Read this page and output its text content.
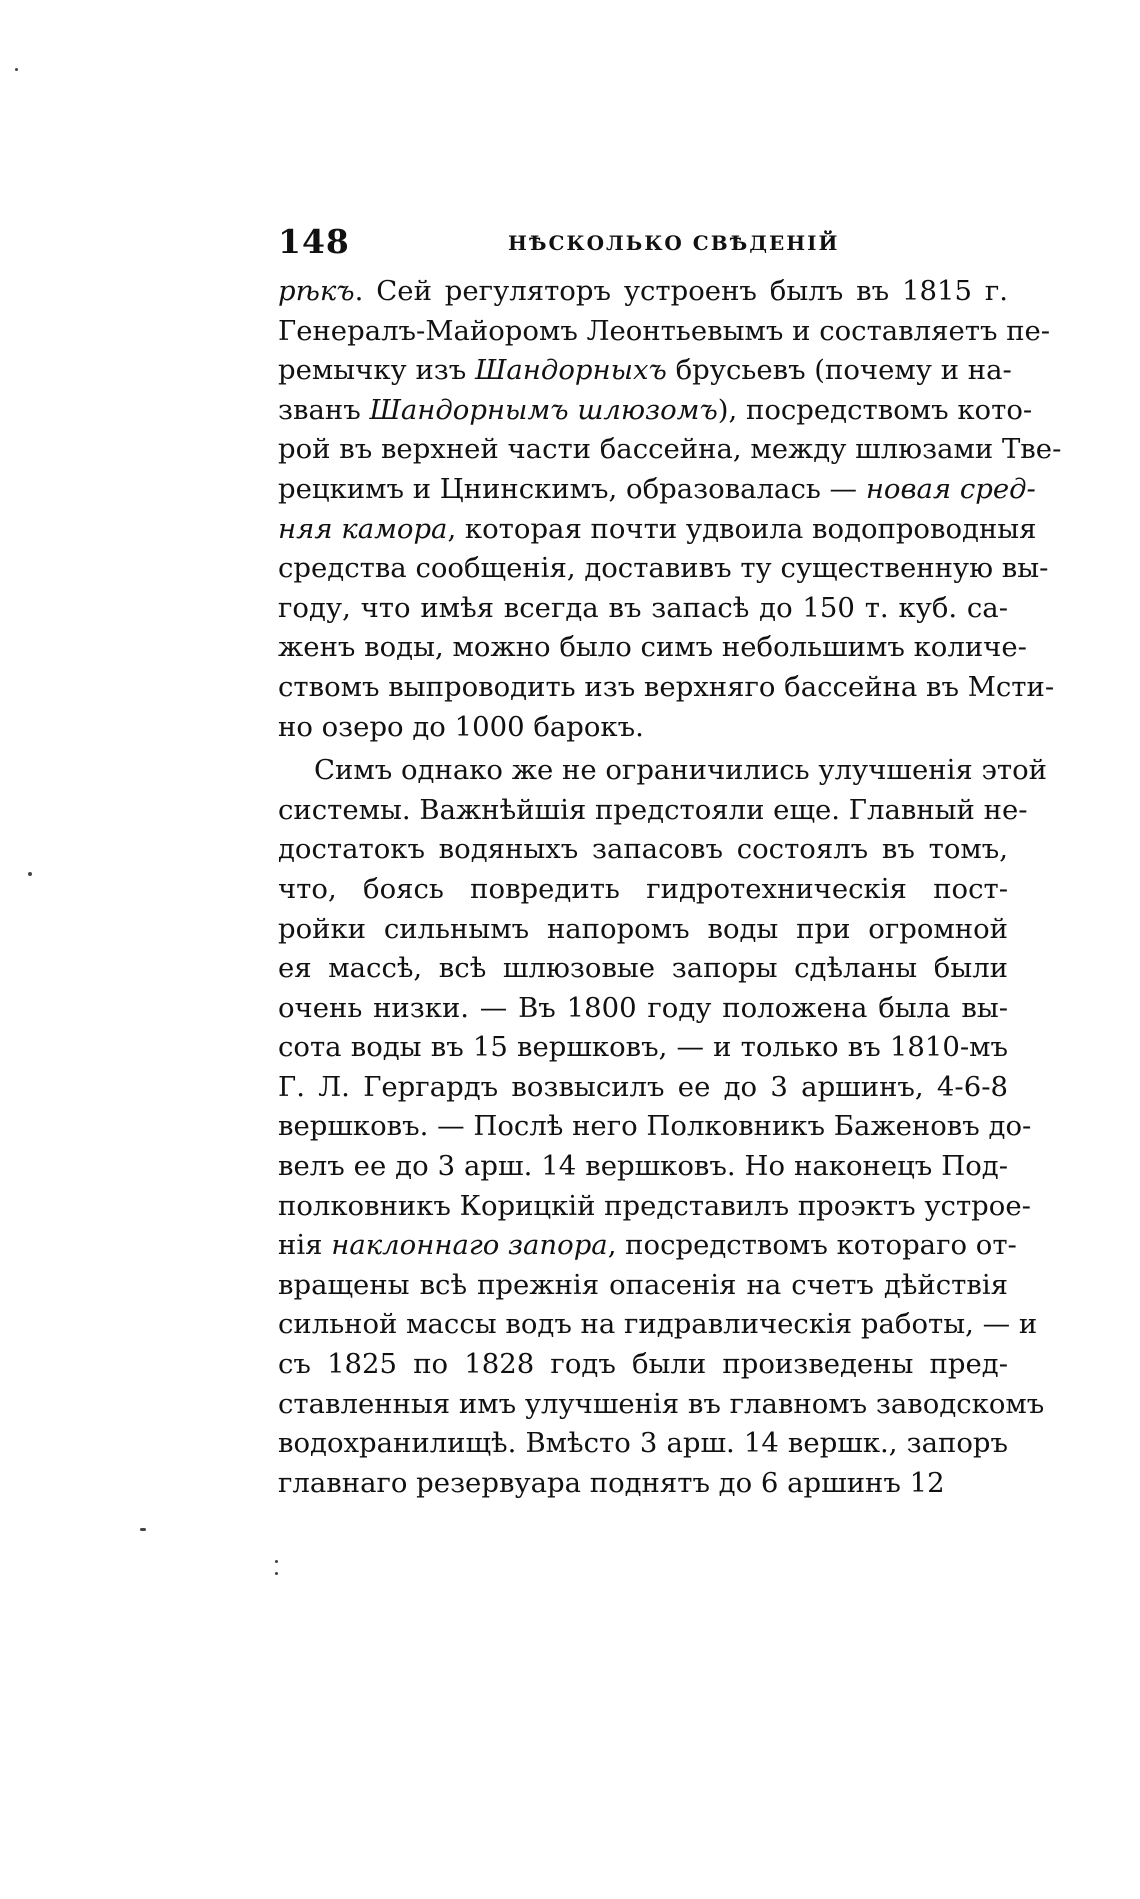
148	НѢСКОЛЬКО СВѢДЕНІЙ
рѣкъ. Сей регуляторъ устроенъ былъ въ 1815 г.
Генералъ-Майоромъ Леонтьевымъ и составляетъ пе-
ремычку изъ Шандорныхъ брусьевъ (почему и на-
званъ Шандорнымъ шлюзомъ), посредствомъ кото-
рой въ верхней части бассейна, между шлюзами Тве-
рецкимъ и Цнинскимъ, образовалась — новая сред-
няя камора, которая почти удвоила водопроводныя
средства сообщенія, доставивъ ту существенную вы-
году, что имѣя всегда въ запасѣ до 150 т. куб. са-
женъ воды, можно было симъ небольшимъ количе-
ствомъ выпроводить изъ верхняго бассейна въ Мсти-
но озеро до 1000 барокъ.
Симъ однако же не ограничились улучшенія этой
системы. Важнѣйшія предстояли еще. Главный не-
достатокъ водяныхъ запасовъ состоялъ въ томъ,
что, боясь повредить гидротехническія пост-
ройки сильнымъ напоромъ воды при огромной
ея массѣ, всѣ шлюзовые запоры сдѣланы были
очень низки. — Въ 1800 году положена была вы-
сота воды въ 15 вершковъ, — и только въ 1810-мъ
Г. Л. Гергардъ возвысилъ ее до 3 аршинъ, 4-6-8
вершковъ. — Послѣ него Полковникъ Баженовъ до-
велъ ее до 3 арш. 14 вершковъ. Но наконецъ Под-
полковникъ Корицкій представилъ проэктъ устрое-
нія наклоннаго запора, посредствомъ котораго от-
вращены всѣ прежнія опасенія на счетъ дѣйствія
сильной массы водъ на гидравлическія работы, — и
съ 1825 по 1828 годъ были произведены пред-
ставленныя имъ улучшенія въ главномъ заводскомъ
водохранилищѣ. Вмѣсто 3 арш. 14 вершк., запоръ
главнаго резервуара поднятъ до 6 аршинъ 12
